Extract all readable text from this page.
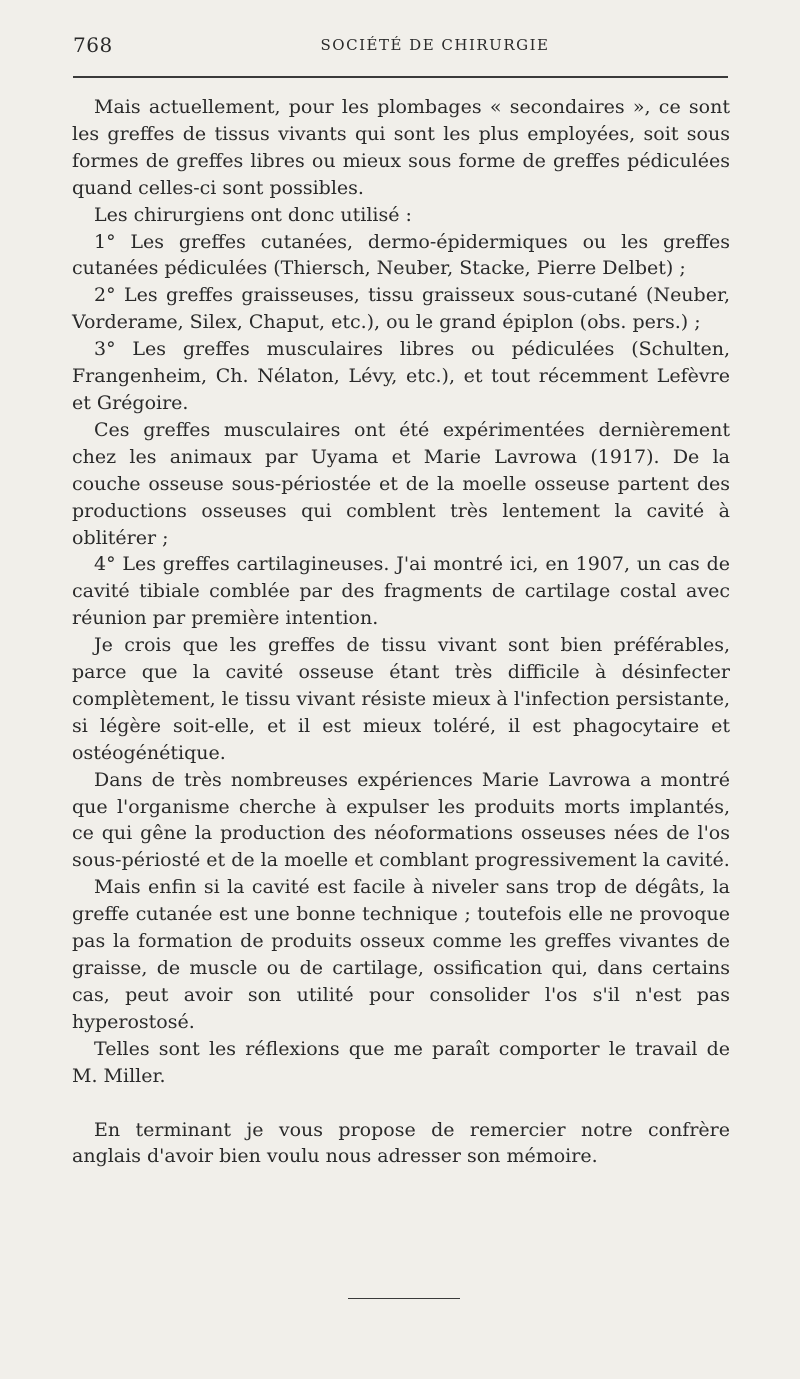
768	SOCIÉTÉ DE CHIRURGIE

Mais actuellement, pour les plombages « secondaires », ce sont les greffes de tissus vivants qui sont les plus employées, soit sous formes de greffes libres ou mieux sous forme de greffes pédiculées quand celles-ci sont possibles.

Les chirurgiens ont donc utilisé :

1° Les greffes cutanées, dermo-épidermiques ou les greffes cutanées pédiculées (Thiersch, Neuber, Stacke, Pierre Delbet) ;

2° Les greffes graisseuses, tissu graisseux sous-cutané (Neuber, Vorderame, Silex, Chaput, etc.), ou le grand épiplon (obs. pers.) ;

3° Les greffes musculaires libres ou pédiculées (Schulten, Frangenheim, Ch. Nélaton, Lévy, etc.), et tout récemment Lefèvre et Grégoire.

Ces greffes musculaires ont été expérimentées dernièrement chez les animaux par Uyama et Marie Lavrowa (1917). De la couche osseuse sous-périostée et de la moelle osseuse partent des productions osseuses qui comblent très lentement la cavité à oblitérer ;

4° Les greffes cartilagineuses. J'ai montré ici, en 1907, un cas de cavité tibiale comblée par des fragments de cartilage costal avec réunion par première intention.

Je crois que les greffes de tissu vivant sont bien préférables, parce que la cavité osseuse étant très difficile à désinfecter complètement, le tissu vivant résiste mieux à l'infection persistante, si légère soit-elle, et il est mieux toléré, il est phagocytaire et ostéogénétique.

Dans de très nombreuses expériences Marie Lavrowa a montré que l'organisme cherche à expulser les produits morts implantés, ce qui gêne la production des néoformations osseuses nées de l'os sous-périosté et de la moelle et comblant progressivement la cavité.

Mais enfin si la cavité est facile à niveler sans trop de dégâts, la greffe cutanée est une bonne technique ; toutefois elle ne provoque pas la formation de produits osseux comme les greffes vivantes de graisse, de muscle ou de cartilage, ossification qui, dans certains cas, peut avoir son utilité pour consolider l'os s'il n'est pas hyperostosé.

Telles sont les réflexions que me paraît comporter le travail de M. Miller.

En terminant je vous propose de remercier notre confrère anglais d'avoir bien voulu nous adresser son mémoire.
